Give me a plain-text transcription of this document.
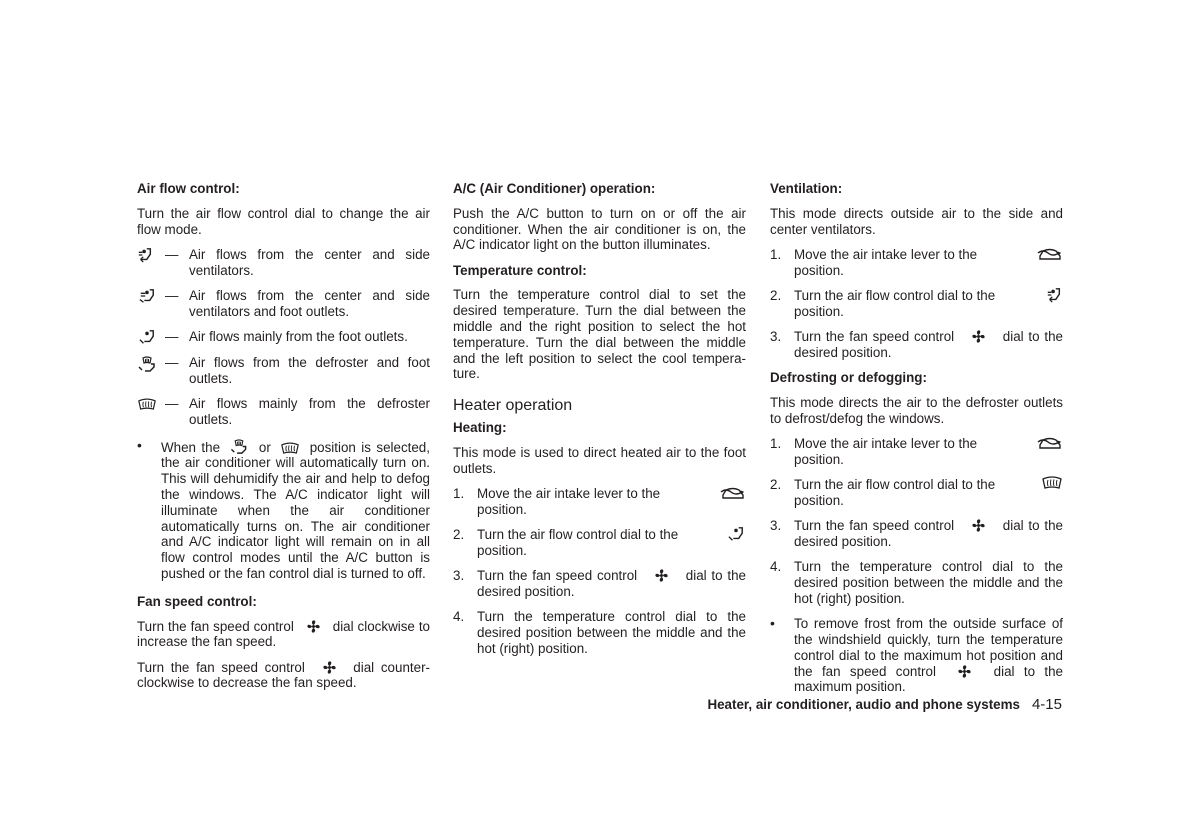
Air flow control:

Turn the air flow control dial to change the air flow mode.

— Air flows from the center and side ventilators.
— Air flows from the center and side ventilators and foot outlets.
— Air flows mainly from the foot outlets.
— Air flows from the defroster and foot outlets.
— Air flows mainly from the defroster outlets.
•	When the	or	position is selected, the air conditioner will automatically turn on. This will dehumidify the air and help to defog the windows. The A/C indicator light will illuminate when the air conditioner automatically turns on. The air conditioner and A/C indicator light will remain on in all flow control modes until the A/C button is pushed or the fan control dial is turned to off.
Fan speed control:

Turn the fan speed control	dial clockwise to increase the fan speed.

Turn the fan speed control	dial counter-clockwise to decrease the fan speed.

A/C (Air Conditioner) operation:

Push the A/C button to turn on or off the air conditioner. When the air conditioner is on, the A/C indicator light on the button illuminates.

Temperature control:

Turn the temperature control dial to set the desired temperature. Turn the dial between the middle and the right position to select the hot temperature. Turn the dial between the middle and the left position to select the cool tempera-ture.

Heater operation
Heating:

This mode is used to direct heated air to the foot outlets.

1. Move the air intake lever to the
position.
2. Turn the air flow control dial to the
position.
3. Turn the fan speed control	dial to the desired position.
4. Turn the temperature control dial to the desired position between the middle and the hot (right) position.
Ventilation:

This mode directs outside air to the side and center ventilators.

1. Move the air intake lever to the
position.
2. Turn the air flow control dial to the
position.
3. Turn the fan speed control	dial to the desired position.
Defrosting or defogging:

This mode directs the air to the defroster outlets to defrost/defog the windows.

1. Move the air intake lever to the
position.
2. Turn the air flow control dial to the
position.
3. Turn the fan speed control	dial to the desired position.
4. Turn the temperature control dial to the desired position between the middle and the hot (right) position.
•	To remove frost from the outside surface of the windshield quickly, turn the temperature control dial to the maximum hot position and the fan speed control	dial to the maximum position.
Heater, air conditioner, audio and phone systems 4-15
